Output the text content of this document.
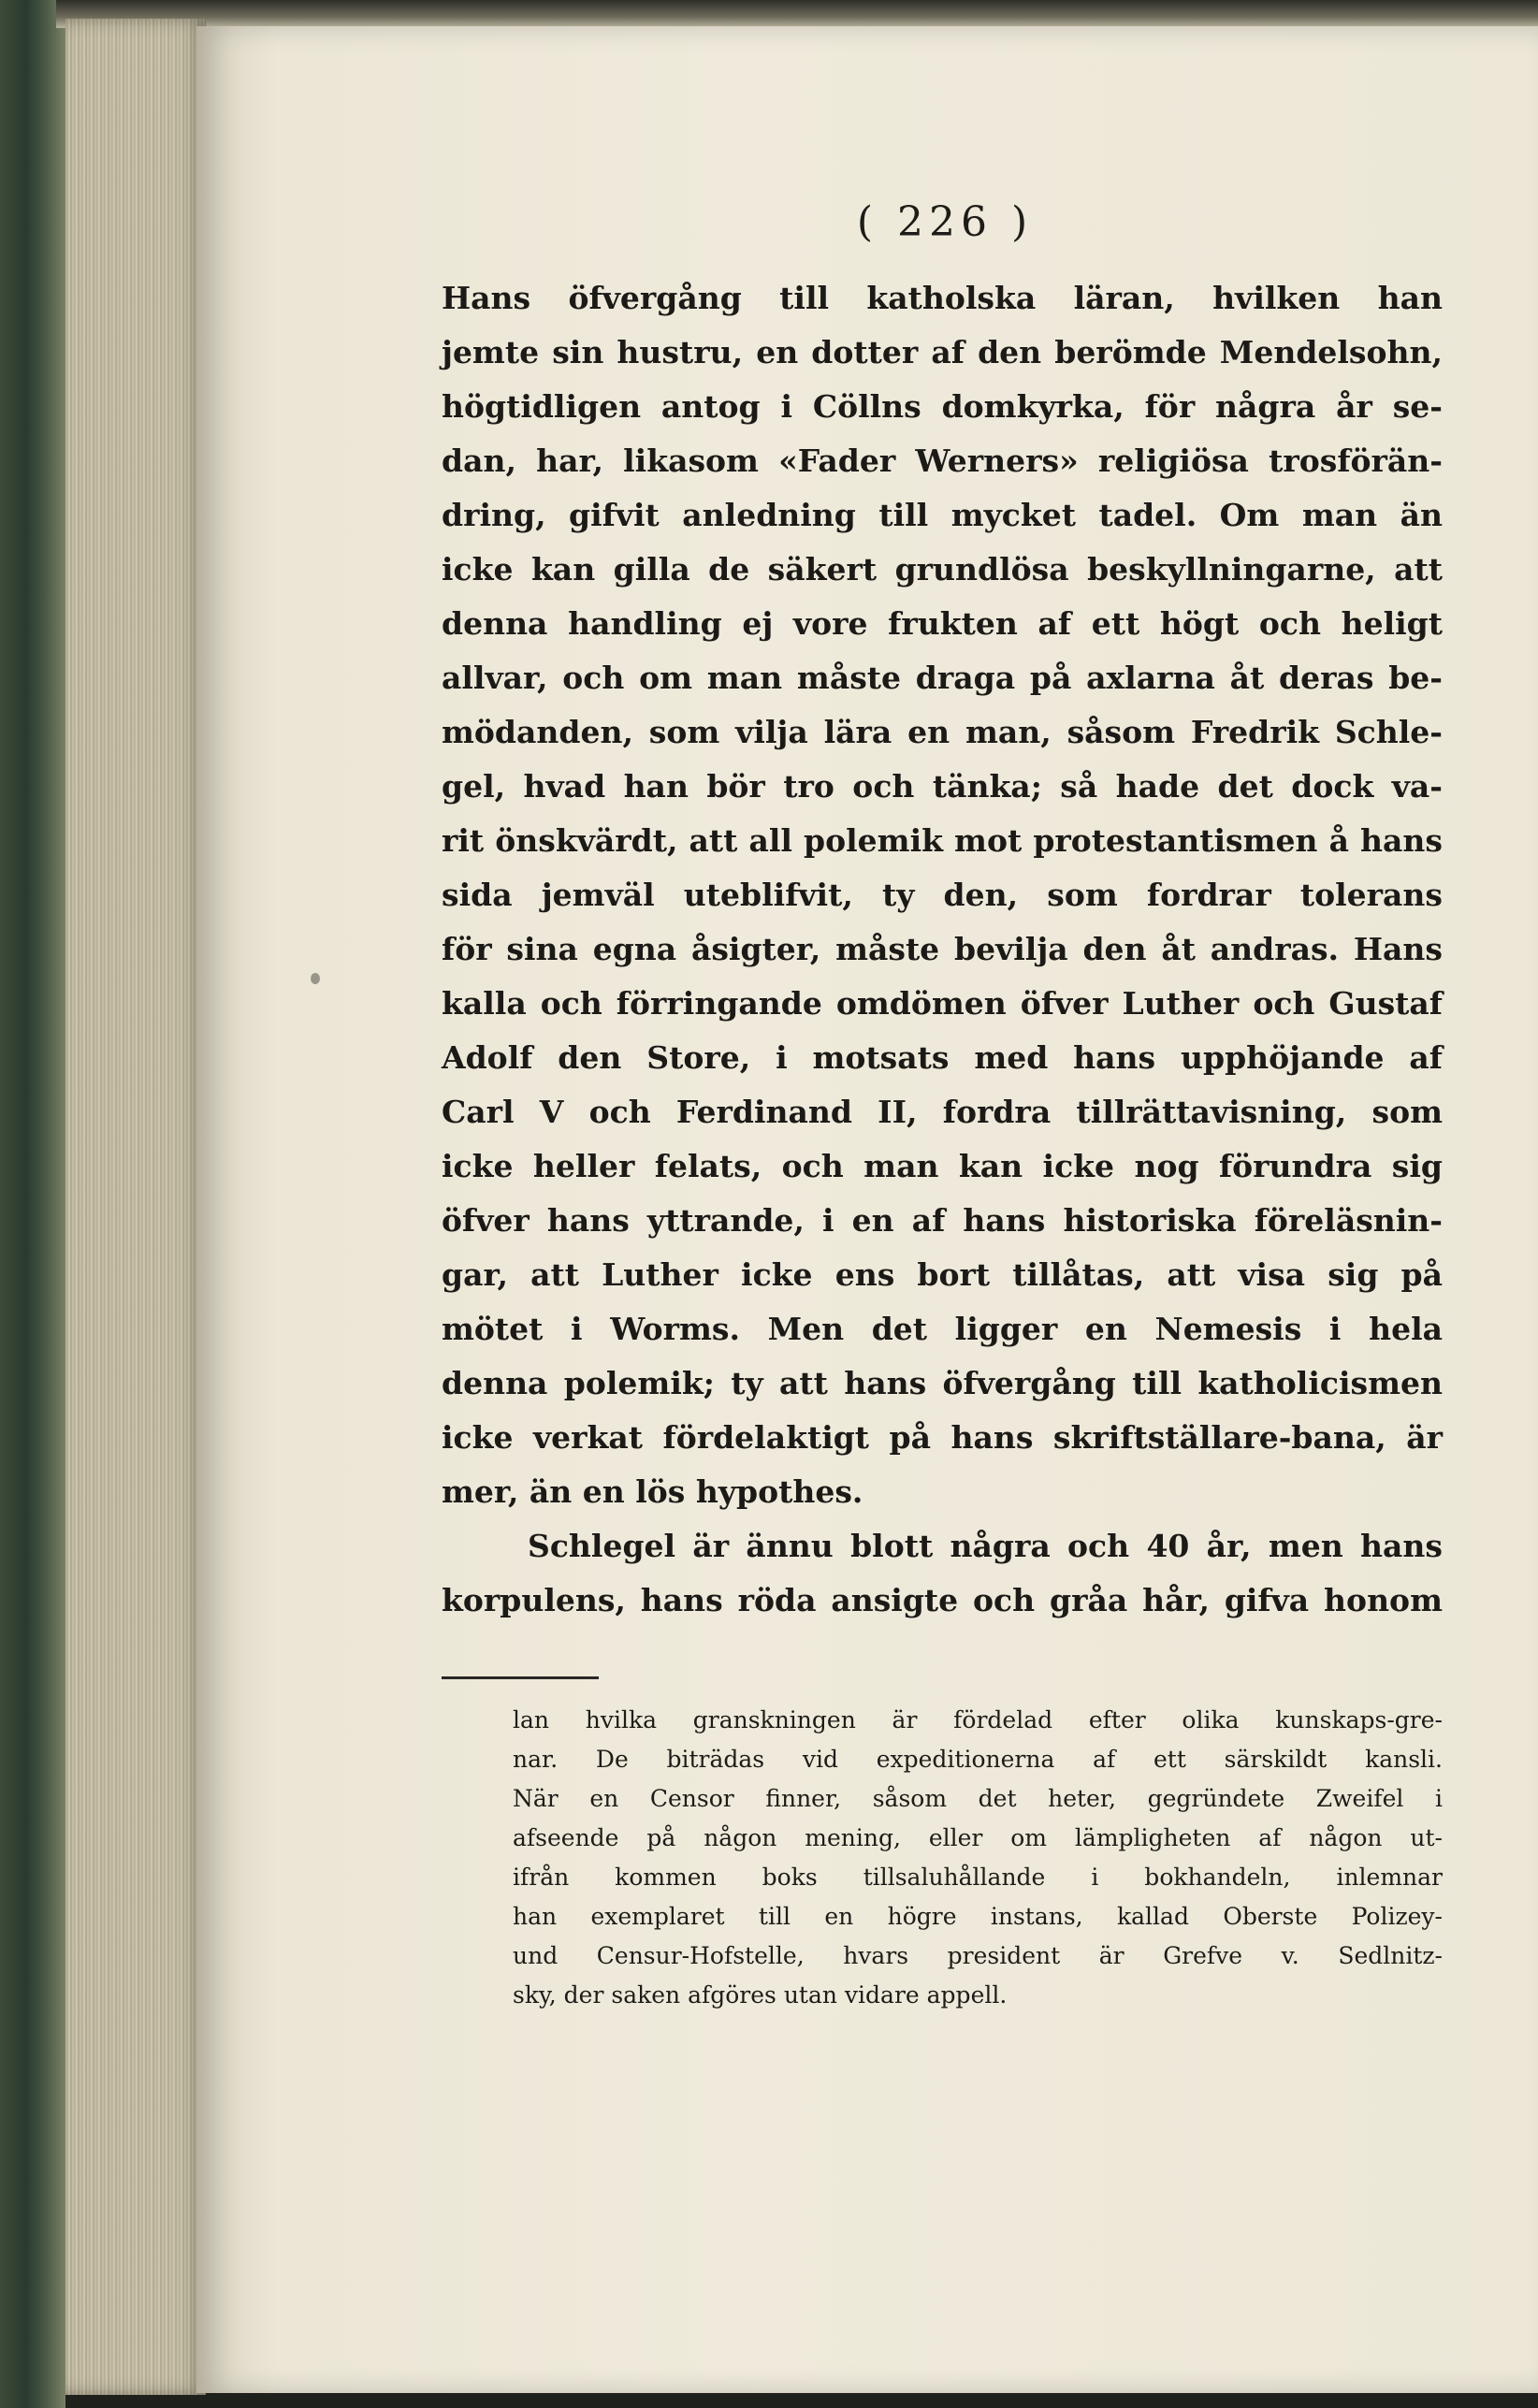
( 226 )
Hans öfvergång till katholska läran, hvilken han
jemte sin hustru, en dotter af den berömde Mendelsohn,
högtidligen antog i Cöllns domkyrka, för några år se-
dan, har, likasom «Fader Werners» religiösa trosförän-
dring, gifvit anledning till mycket tadel. Om man än
icke kan gilla de säkert grundlösa beskyllningarne, att
denna handling ej vore frukten af ett högt och heligt
allvar, och om man måste draga på axlarna åt deras be-
mödanden, som vilja lära en man, såsom Fredrik Schle-
gel, hvad han bör tro och tänka; så hade det dock va-
rit önskvärdt, att all polemik mot protestantismen å hans
sida jemväl uteblifvit, ty den, som fordrar tolerans
för sina egna åsigter, måste bevilja den åt andras. Hans
kalla och förringande omdömen öfver Luther och Gustaf
Adolf den Store, i motsats med hans upphöjande af
Carl V och Ferdinand II, fordra tillrättavisning, som
icke heller felats, och man kan icke nog förundra sig
öfver hans yttrande, i en af hans historiska föreläsnin-
gar, att Luther icke ens bort tillåtas, att visa sig på
mötet i Worms. Men det ligger en Nemesis i hela
denna polemik; ty att hans öfvergång till katholicismen
icke verkat fördelaktigt på hans skriftställare-bana, är
mer, än en lös hypothes.
Schlegel är ännu blott några och 40 år, men hans
korpulens, hans röda ansigte och gråa hår, gifva honom
lan hvilka granskningen är fördelad efter olika kunskaps-gre-
nar. De biträdas vid expeditionerna af ett särskildt kansli.
När en Censor finner, såsom det heter, gegründete Zweifel i
afseende på någon mening, eller om lämpligheten af någon ut-
ifrån kommen boks tillsaluhållande i bokhandeln, inlemnar
han exemplaret till en högre instans, kallad Oberste Polizey-
und Censur-Hofstelle, hvars president är Grefve v. Sedlnitz-
sky, der saken afgöres utan vidare appell.
